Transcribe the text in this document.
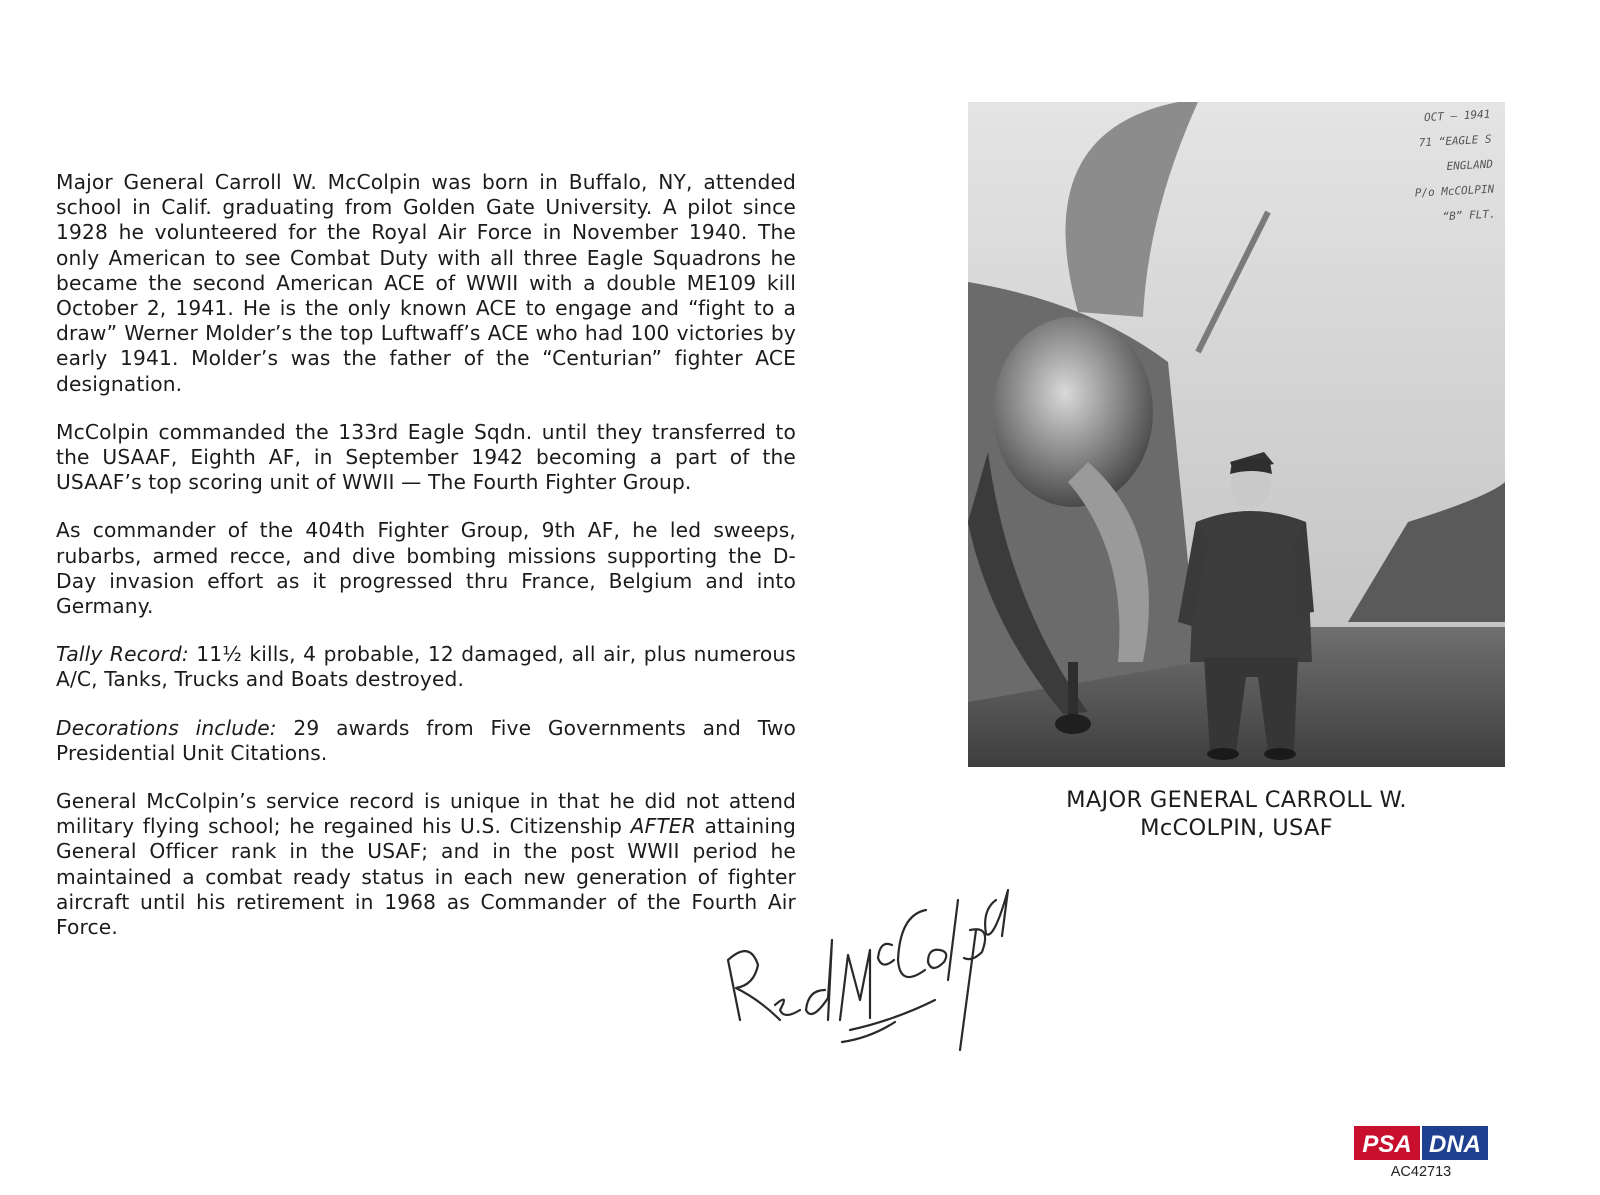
Major General Carroll W. McColpin was born in Buffalo, NY, attended school in Calif. graduating from Golden Gate University. A pilot since 1928 he volunteered for the Royal Air Force in November 1940. The only American to see Combat Duty with all three Eagle Squadrons he became the second American ACE of WWII with a double ME109 kill October 2, 1941. He is the only known ACE to engage and “fight to a draw” Werner Molder’s the top Luftwaff’s ACE who had 100 victories by early 1941. Molder’s was the father of the “Centurian” fighter ACE designation.

McColpin commanded the 133rd Eagle Sqdn. until they transferred to the USAAF, Eighth AF, in September 1942 becoming a part of the USAAF’s top scoring unit of WWII — The Fourth Fighter Group.

As commander of the 404th Fighter Group, 9th AF, he led sweeps, rubarbs, armed recce, and dive bombing missions supporting the D-Day invasion effort as it progressed thru France, Belgium and into Germany.

Tally Record: 11½ kills, 4 probable, 12 damaged, all air, plus numerous A/C, Tanks, Trucks and Boats destroyed.

Decorations include: 29 awards from Five Governments and Two Presidential Unit Citations.

General McColpin’s service record is unique in that he did not attend military flying school; he regained his U.S. Citizenship AFTER attaining General Officer rank in the USAF; and in the post WWII period he maintained a combat ready status in each new generation of fighter aircraft until his retirement in 1968 as Commander of the Fourth Air Force.

OCT – 1941
71 “EAGLE S
ENGLAND
P/o McCOLPIN
“B” FLT.
MAJOR GENERAL CARROLL W.
McCOLPIN, USAF
PSA DNA
AC42713
